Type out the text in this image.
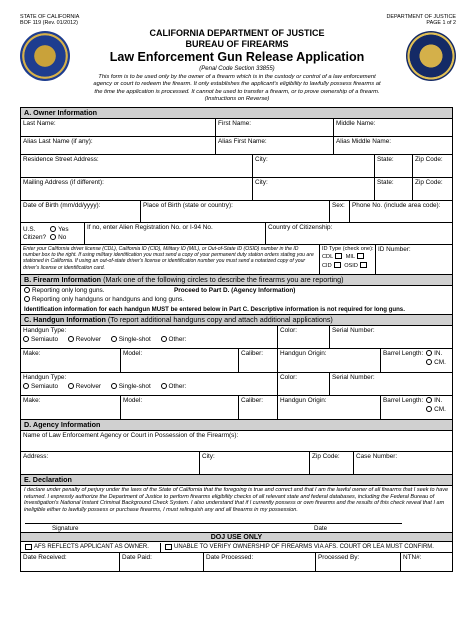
STATE OF CALIFORNIA
BOF 119 (Rev. 01/2012)
DEPARTMENT OF JUSTICE
PAGE 1 of 2
CALIFORNIA DEPARTMENT OF JUSTICE
BUREAU OF FIREARMS
Law Enforcement Gun Release Application
(Penal Code Section 33855)
This form is to be used only by the owner of a firearm which is in the custody or control of a law enforcement
agency or court to redeem the firearm. It only establishes the applicant's eligibility to lawfully possess firearms at
the time the application is processed. It cannot be used to transfer a firearm, or to prove ownership of a firearm.
(Instructions on Reverse)
A. Owner Information
Last Name:	First Name:	Middle Name:
Alias Last Name (if any):	Alias First Name:	Alias Middle Name:
Residence Street Address:	City:	State:	Zip Code:
Mailing Address (if different):	City:	State:	Zip Code:
Date of Birth (mm/dd/yyyy):	Place of Birth (state or country):	Sex:	Phone No. (include area code):
U.S.
Citizen?
Yes
No
If no, enter Alien Registration No. or I-94 No.	Country of Citizenship:
Enter your California driver license (CDL), California ID (CID), Military ID (MIL), or Out-of-State ID (OSID) number in the ID number box to the right. If using military identification you must send a copy of your permanent duty station orders stating you are stationed in California. If using an out-of-state driver's license or identification number you must send a notarized copy of your driver's license or identification card.
ID Type (check one):
CDL MIL
CID OSID
ID Number:
B. Firearm Information (Mark one of the following circles to describe the firearms you are reporting)
Reporting only long guns.	Proceed to Part D. (Agency Information)
Reporting only handguns or handguns and long guns.
Identification information for each handgun MUST be entered below in Part C. Descriptive information is not required for long guns.
C. Handgun Information (To report additional handguns copy and attach additional applications)
Handgun Type:
Semiauto	Revolver	Single-shot	Other:
Color:	Serial Number:
Make:	Model:	Caliber:	Handgun Origin:	Barrel Length:	IN.
CM.
Handgun Type:
Semiauto	Revolver	Single-shot	Other:
Color:	Serial Number:
Make:	Model:	Caliber:	Handgun Origin:	Barrel Length:	IN.
CM.
D. Agency Information
Name of Law Enforcement Agency or Court in Possession of the Firearm(s):
Address:	City:	Zip Code:	Case Number:
E. Declaration
I declare under penalty of perjury under the laws of the State of California that the foregoing is true and correct and that I am the lawful owner of all firearms that I seek to have returned. I expressly authorize the Department of Justice to perform firearms eligibility checks of all relevant state and federal databases, including the Federal Bureau of Investigation's National Instant Criminal Background Check System. I also understand that if I currently possess or own firearms and the results of this check reveal that I am ineligible either to lawfully possess or purchase firearms, I must relinquish any and all firearms in my possession.
Signature	Date
DOJ USE ONLY
AFS REFLECTS APPLICANT AS OWNER.	UNABLE TO VERIFY OWNERSHIP OF FIREARMS VIA AFS. COURT OR LEA MUST CONFIRM.
Date Received:	Date Paid:	Date Processed:	Processed By:	NTN#:
